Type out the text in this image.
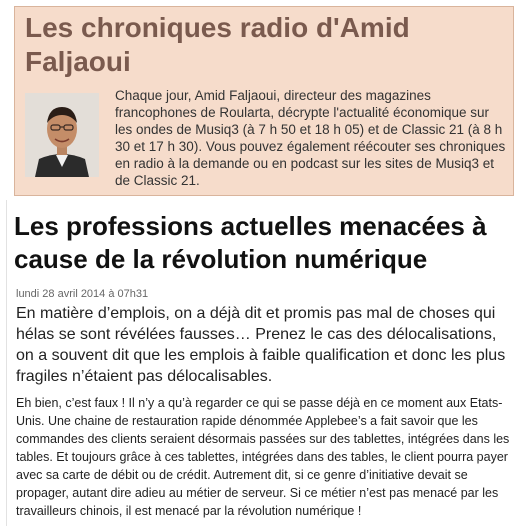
Les chroniques radio d'Amid Faljaoui

Chaque jour, Amid Faljaoui, directeur des magazines francophones de Roularta, décrypte l'actualité économique sur les ondes de Musiq3 (à 7 h 50 et 18 h 05) et de Classic 21 (à 8 h 30 et 17 h 30). Vous pouvez également réécouter ses chroniques en radio à la demande ou en podcast sur les sites de Musiq3 et de Classic 21.

Les professions actuelles menacées à cause de la révolution numérique
lundi 28 avril 2014 à 07h31

En matière d’emplois, on a déjà dit et promis pas mal de choses qui hélas se sont révélées fausses… Prenez le cas des délocalisations, on a souvent dit que les emplois à faible qualification et donc les plus fragiles n’étaient pas délocalisables.

Eh bien, c’est faux ! Il n’y a qu’à regarder ce qui se passe déjà en ce moment aux Etats-Unis. Une chaine de restauration rapide dénommée Applebee’s a fait savoir que les commandes des clients seraient désormais passées sur des tablettes, intégrées dans les tables. Et toujours grâce à ces tablettes, intégrées dans des tables, le client pourra payer avec sa carte de débit ou de crédit. Autrement dit, si ce genre d’initiative devait se propager, autant dire adieu au métier de serveur. Si ce métier n’est pas menacé par les travailleurs chinois, il est menacé par la révolution numérique !
